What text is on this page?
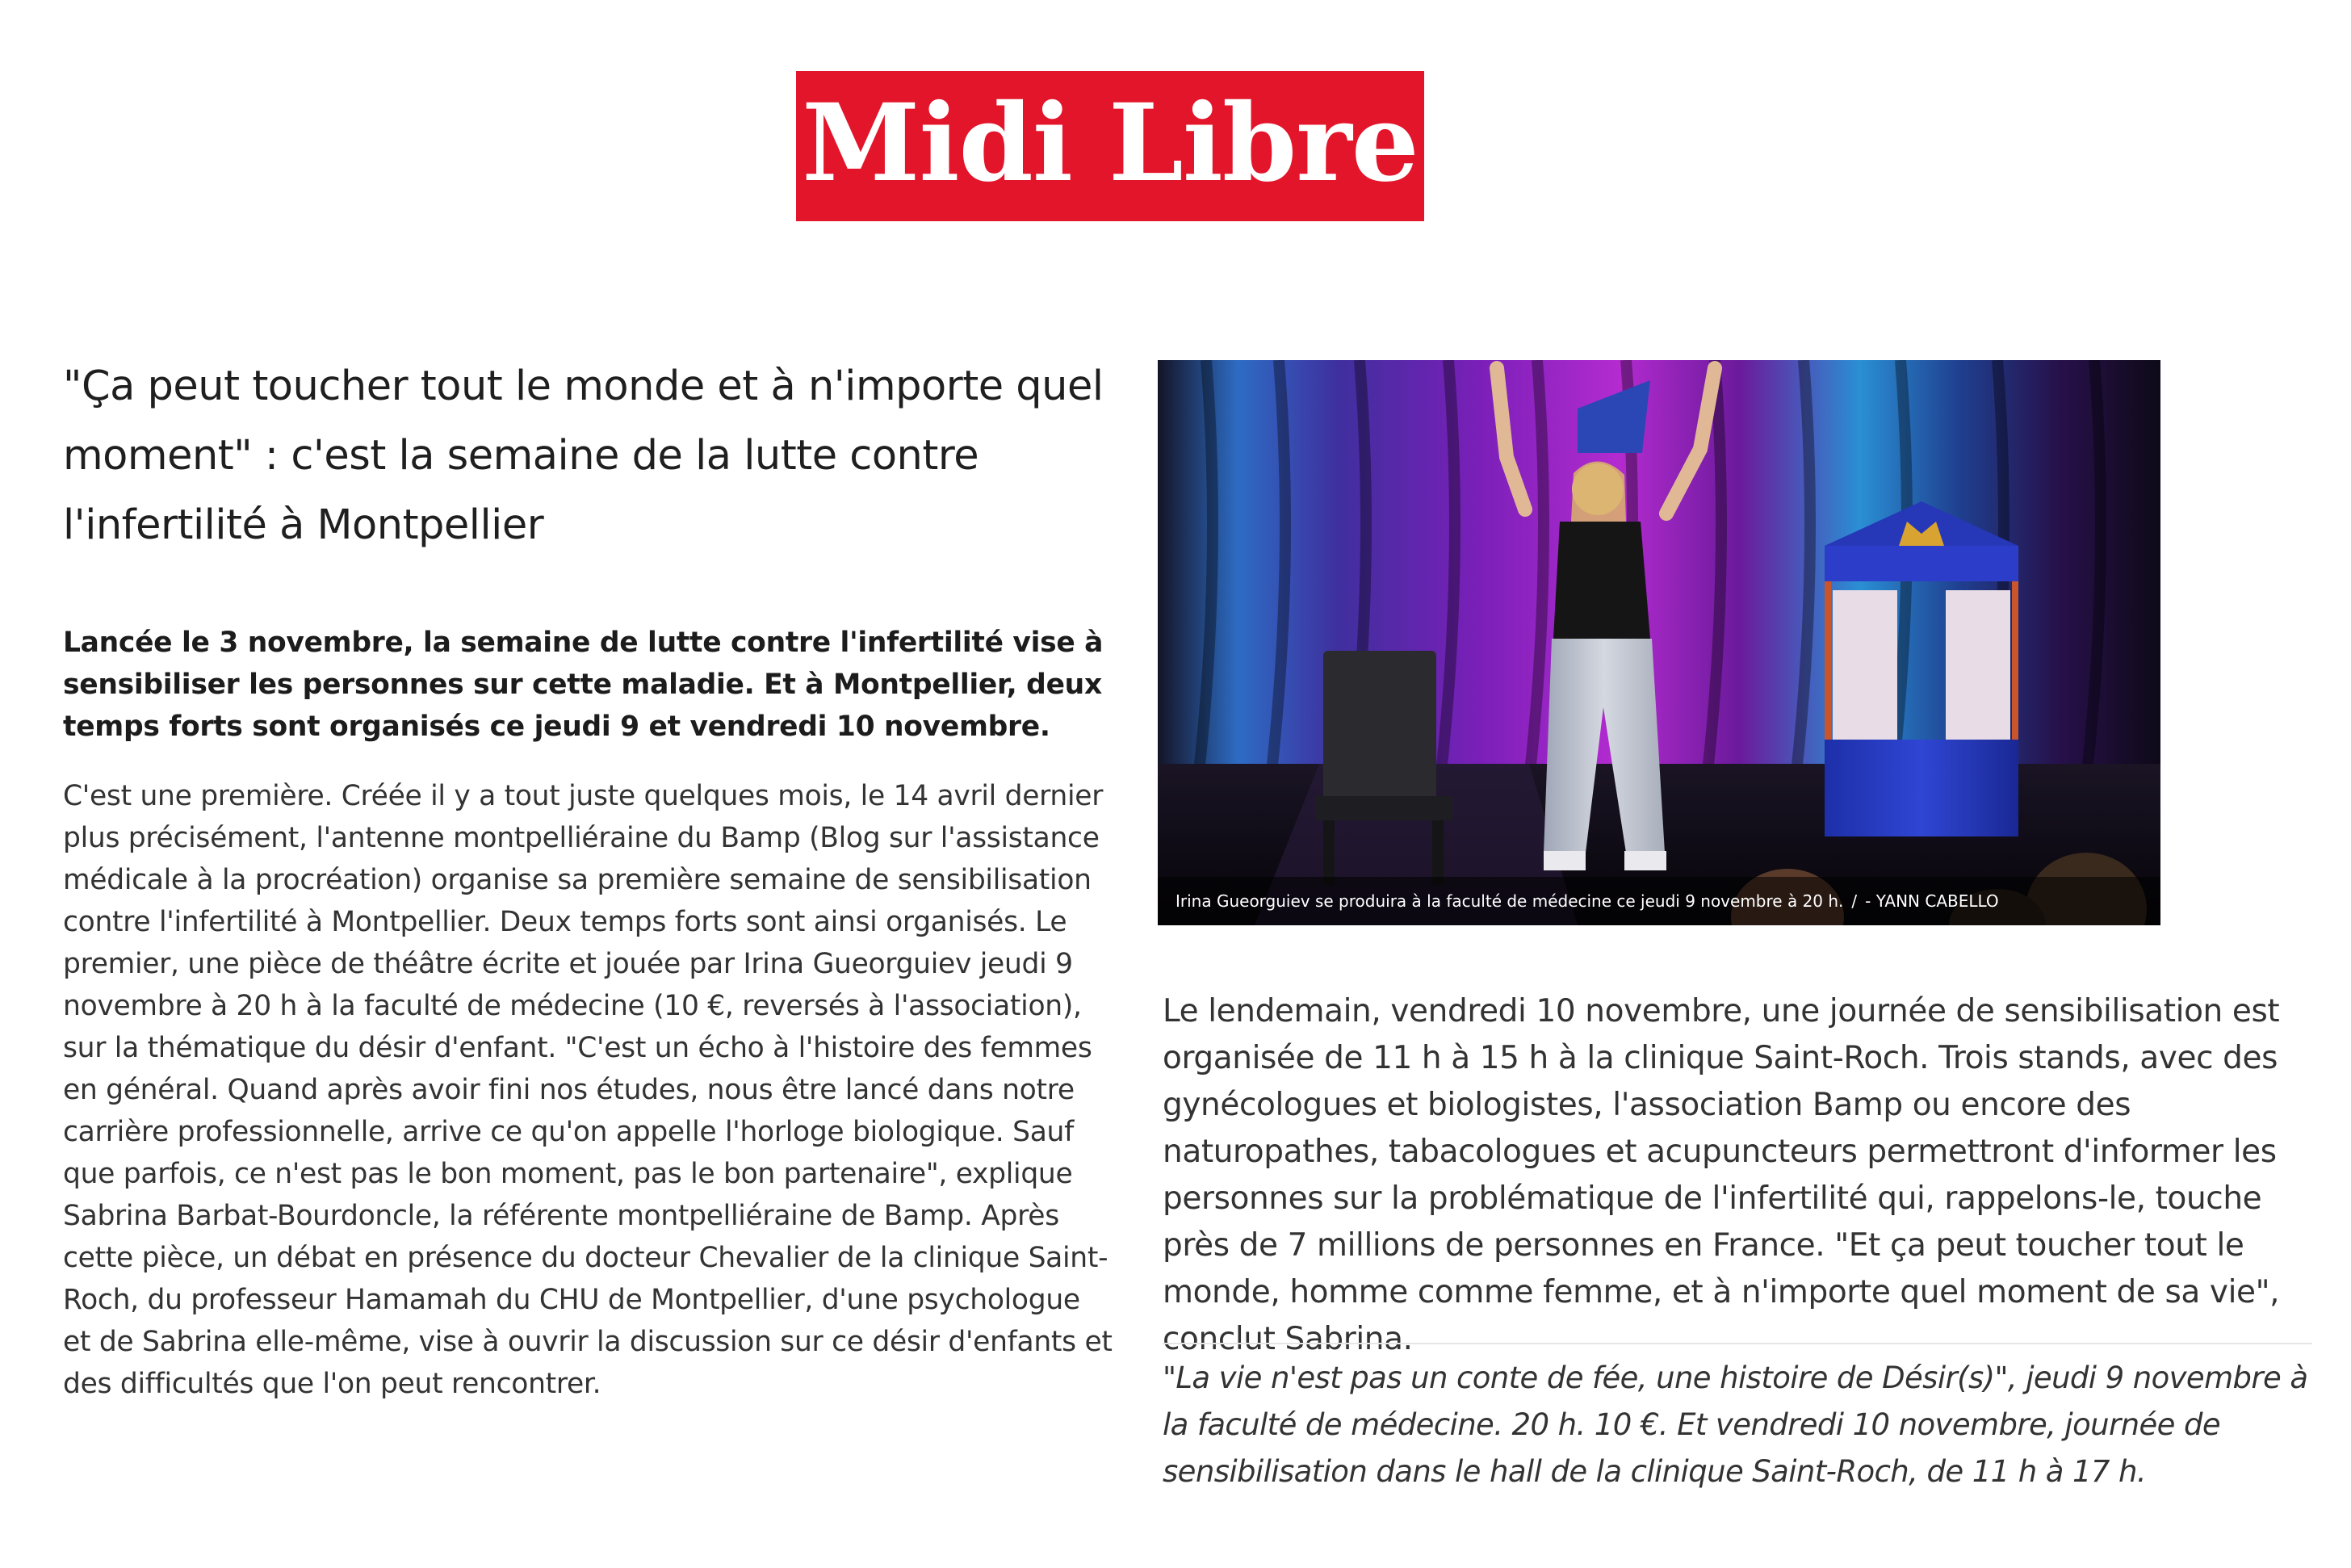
Midi Libre
"Ça peut toucher tout le monde et à n'importe quel moment" : c'est la semaine de la lutte contre l'infertilité à Montpellier

Lancée le 3 novembre, la semaine de lutte contre l'infertilité vise à sensibiliser les personnes sur cette maladie. Et à Montpellier, deux temps forts sont organisés ce jeudi 9 et vendredi 10 novembre.

C'est une première. Créée il y a tout juste quelques mois, le 14 avril dernier plus précisément, l'antenne montpelliéraine du Bamp (Blog sur l'assistance médicale à la procréation) organise sa première semaine de sensibilisation contre l'infertilité à Montpellier. Deux temps forts sont ainsi organisés. Le premier, une pièce de théâtre écrite et jouée par Irina Gueorguiev jeudi 9 novembre à 20 h à la faculté de médecine (10 €, reversés à l'association), sur la thématique du désir d'enfant. "C'est un écho à l'histoire des femmes en général. Quand après avoir fini nos études, nous être lancé dans notre carrière professionnelle, arrive ce qu'on appelle l'horloge biologique. Sauf que parfois, ce n'est pas le bon moment, pas le bon partenaire", explique Sabrina Barbat-Bourdoncle, la référente montpelliéraine de Bamp. Après cette pièce, un débat en présence du docteur Chevalier de la clinique Saint-Roch, du professeur Hamamah du CHU de Montpellier, d'une psychologue et de Sabrina elle-même, vise à ouvrir la discussion sur ce désir d'enfants et des difficultés que l'on peut rencontrer.

Irina Gueorguiev se produira à la faculté de médecine ce jeudi 9 novembre à 20 h. / - YANN CABELLO

Le lendemain, vendredi 10 novembre, une journée de sensibilisation est organisée de 11 h à 15 h à la clinique Saint-Roch. Trois stands, avec des gynécologues et biologistes, l'association Bamp ou encore des naturopathes, tabacologues et acupuncteurs permettront d'informer les personnes sur la problématique de l'infertilité qui, rappelons-le, touche près de 7 millions de personnes en France. "Et ça peut toucher tout le monde, homme comme femme, et à n'importe quel moment de sa vie", conclut Sabrina.

"La vie n'est pas un conte de fée, une histoire de Désir(s)", jeudi 9 novembre à la faculté de médecine. 20 h. 10 €. Et vendredi 10 novembre, journée de sensibilisation dans le hall de la clinique Saint-Roch, de 11 h à 17 h.
